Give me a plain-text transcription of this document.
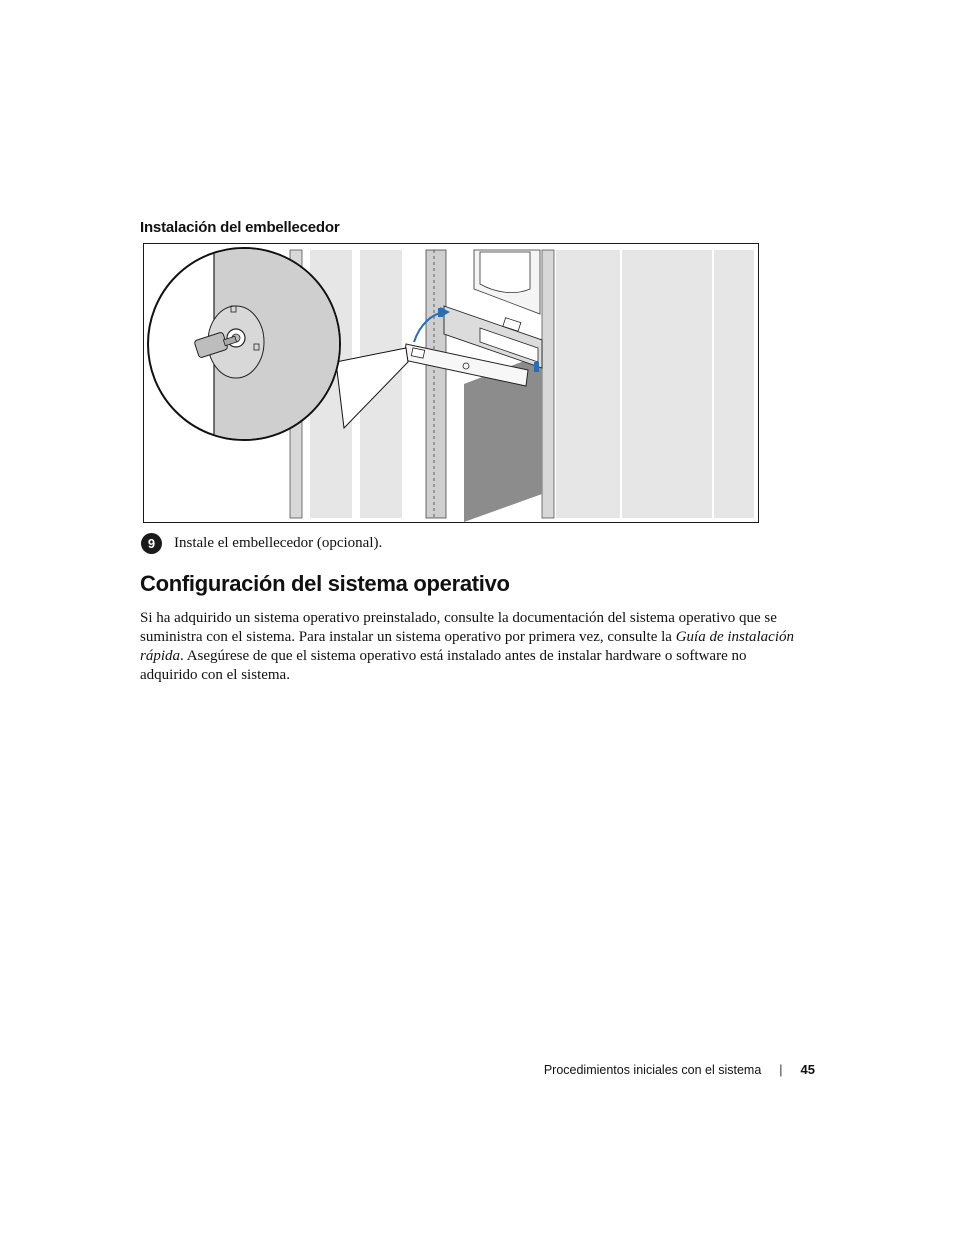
Instalación del embellecedor
9	Instale el embellecedor (opcional).
Configuración del sistema operativo

Si ha adquirido un sistema operativo preinstalado, consulte la documentación del sistema operativo que se suministra con el sistema. Para instalar un sistema operativo por primera vez, consulte la Guía de instalación rápida. Asegúrese de que el sistema operativo está instalado antes de instalar hardware o software no adquirido con el sistema.

Procedimientos iniciales con el sistema | 45
